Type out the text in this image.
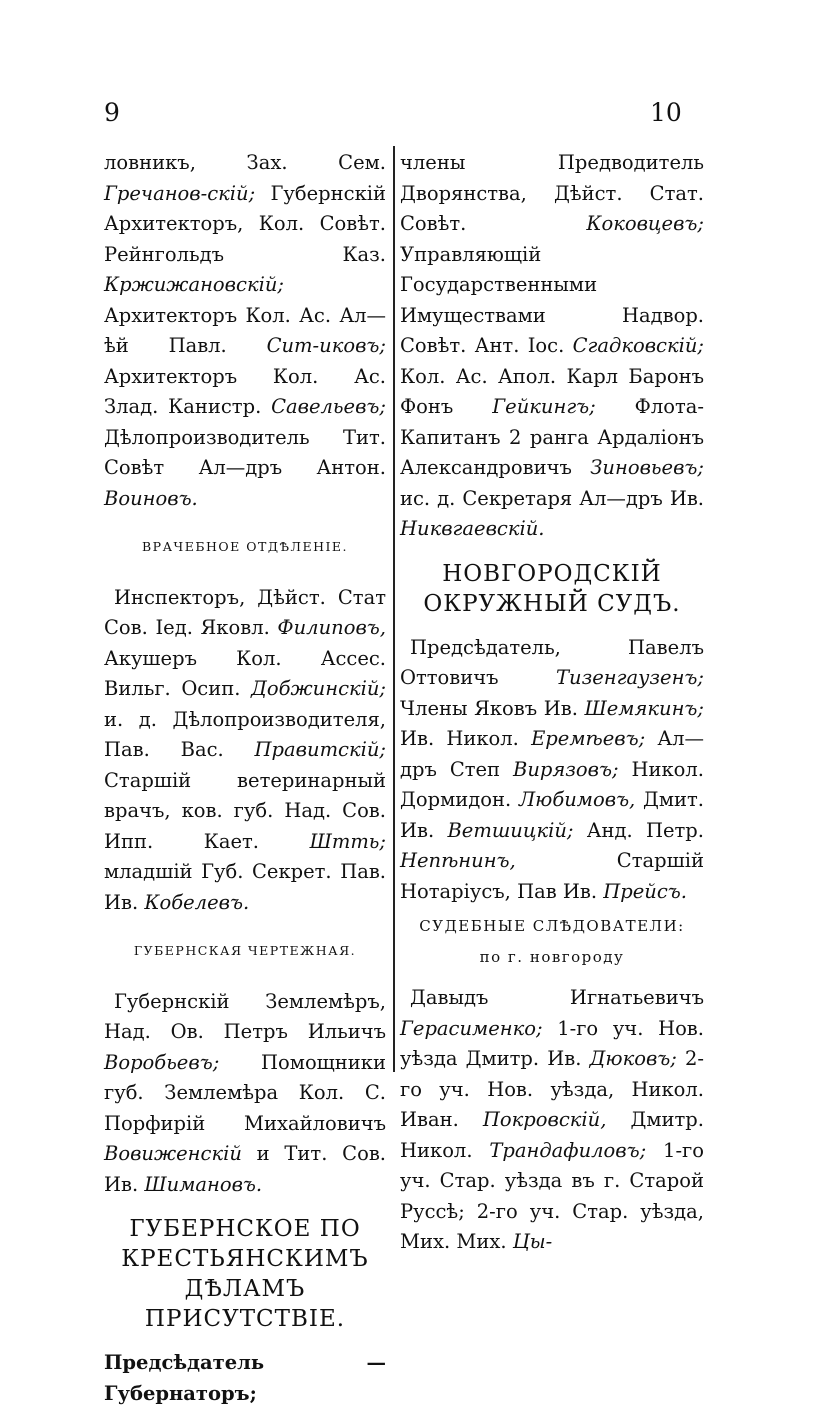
9	10

ловникъ, Зах. Сем. Гречанов-скій; Губернскій Архитекторъ, Кол. Совѣт. Рейнгольдъ Каз. Кржижановскій; Архитекторъ Кол. Ас. Ал—ѣй Павл. Сит-иковъ; Архитекторъ Кол. Ас. Злад. Канистр. Савельевъ; Дѣлопроизводитель Тит. Совѣт Ал—дръ Антон. Воиновъ.

ВРАЧЕБНОЕ ОТДѢЛЕНІЕ.

Инспекторъ, Дѣйст. Стат Сов. Іед. Яковл. Филиповъ, Акушеръ Кол. Ассес. Вильг. Осип. Добжинскій; и. д. Дѣлопроизводителя, Пав. Вас. Правитскій; Старшій ветеринарный врачъ, ков. губ. Над. Сов. Ипп. Кает. Штть; младшій Губ. Секрет. Пав. Ив. Кобелевъ.

ГУБЕРНСКАЯ ЧЕРТЕЖНАЯ.

Губернскій Землемѣръ, Над. Ов. Петръ Ильичъ Воробьевъ; Помощники губ. Землемѣра Кол. С. Порфирій Михайловичъ Вовиженскій и Тит. Сов. Ив. Шимановъ.

ГУБЕРНСКОЕ ПО КРЕСТЬЯНСКИМЪ ДѢЛАМЪ ПРИСУТСТВІЕ.

Предсѣдатель — Губернаторъ;

члены Предводитель Дворянства, Дѣйст. Стат. Совѣт. Коковцевъ; Управляющій Государственными Имуществами Надвор. Совѣт. Ант. Іос. Сгадковскій; Кол. Ас. Апол. Карл Баронъ Фонъ Гейкингъ; Флота-Капитанъ 2 ранга Ардаліонъ Александровичъ Зиновьевъ; ис. д. Секретаря Ал—дръ Ив. Никвгаевскій.

НОВГОРОДСКІЙ ОКРУЖНЫЙ СУДЪ.

Предсѣдатель, Павелъ Оттовичъ Тизенгаузенъ; Члены Яковъ Ив. Шемякинъ; Ив. Никол. Еремѣевъ; Ал—дръ Степ Вирязовъ; Никол. Дормидон. Любимовъ, Дмит. Ив. Ветшицкій; Анд. Петр. Непѣнинъ, Старшій Нотаріусъ, Пав Ив. Прейсъ.

СУДЕБНЫЕ СЛѢДОВАТЕЛИ:
по г. новгороду

Давыдъ Игнатьевичъ Герасименко; 1-го уч. Нов. уѣзда Дмитр. Ив. Дюковъ; 2-го уч. Нов. уѣзда, Никол. Иван. Покровскій, Дмитр. Никол. Трандафиловъ; 1-го уч. Стар. уѣзда въ г. Старой Руссѣ; 2-го уч. Стар. уѣзда, Мих. Мих. Цы-
